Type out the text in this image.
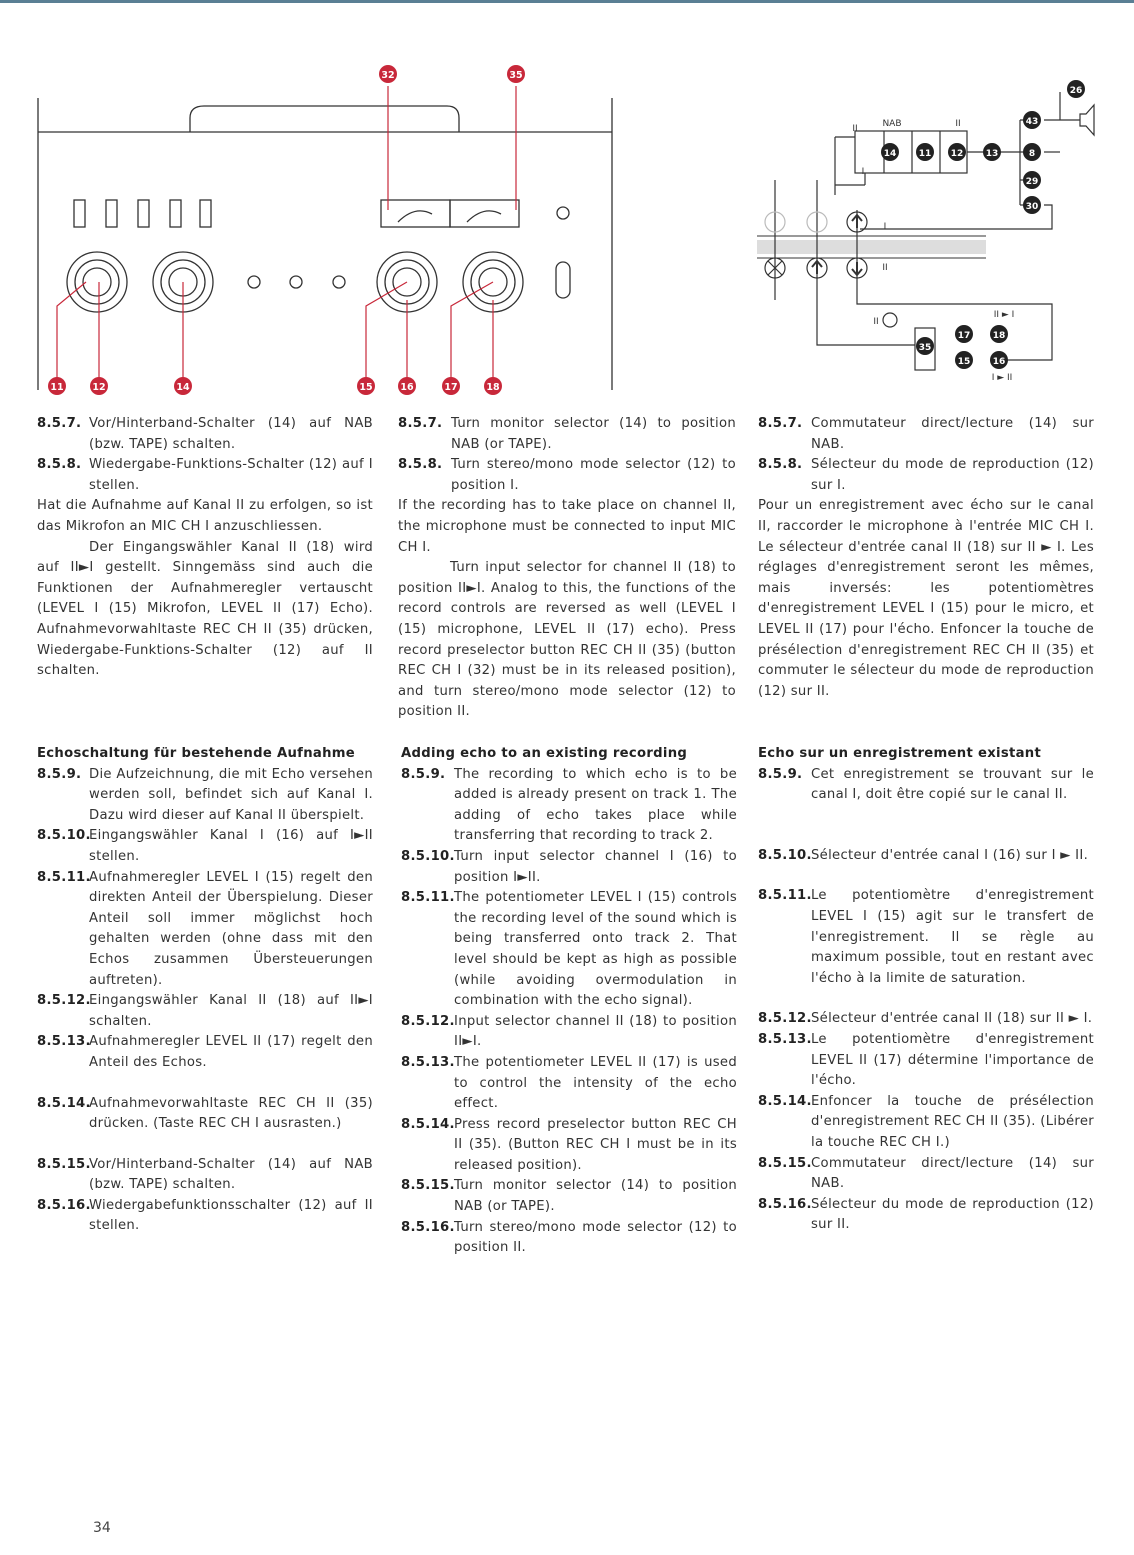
32	35
11	12	14	15	16	17	18
NAB
II	II
I
I
II
II
II ► I
I ► II
26
43
8
29
30
14 11 12 13
17 18
15 16
35
8.5.7. Vor/Hinterband-Schalter (14) auf NAB (bzw. TAPE) schalten.
8.5.8. Wiedergabe-Funktions-Schalter (12) auf I stellen.
Hat die Aufnahme auf Kanal II zu erfolgen, so ist das Mikrofon an MIC CH I anzuschliessen.
Der Eingangswähler Kanal II (18) wird auf II►I gestellt. Sinngemäss sind auch die Funktionen der Aufnahmeregler vertauscht (LEVEL I (15) Mikrofon, LEVEL II (17) Echo). Aufnahmevorwahltaste REC CH II (35) drücken, Wiedergabe-Funktions-Schalter (12) auf II schalten.
8.5.7. Turn monitor selector (14) to position NAB (or TAPE).
8.5.8. Turn stereo/mono mode selector (12) to position I.
If the recording has to take place on channel II, the microphone must be connected to input MIC CH I.
Turn input selector for channel II (18) to position II►I. Analog to this, the functions of the record controls are reversed as well (LEVEL I (15) microphone, LEVEL II (17) echo). Press record preselector button REC CH II (35) (button REC CH I (32) must be in its released position), and turn stereo/mono mode selector (12) to position II.
8.5.7. Commutateur direct/lecture (14) sur NAB.
8.5.8. Sélecteur du mode de reproduction (12) sur I.
Pour un enregistrement avec écho sur le canal II, raccorder le microphone à l'entrée MIC CH I. Le sélecteur d'entrée canal II (18) sur II ► I. Les réglages d'enregistrement seront les mêmes, mais inversés: les potentiomètres d'enregistrement LEVEL I (15) pour le micro, et LEVEL II (17) pour l'écho. Enfoncer la touche de présélection d'enregistrement REC CH II (35) et commuter le sélecteur du mode de reproduction (12) sur II.
Echoschaltung für bestehende Aufnahme
8.5.9. Die Aufzeichnung, die mit Echo versehen werden soll, befindet sich auf Kanal I. Dazu wird dieser auf Kanal II überspielt.
8.5.10.
Eingangswähler Kanal I (16) auf I►II stellen.
8.5.11.
Aufnahmeregler LEVEL I (15) regelt den direkten Anteil der Überspielung. Dieser Anteil soll immer möglichst hoch gehalten werden (ohne dass mit den Echos zusammen Übersteuerungen auftreten).
8.5.12.
Eingangswähler Kanal II (18) auf II►I schalten.
8.5.13.
Aufnahmeregler LEVEL II (17) regelt den Anteil des Echos.
8.5.14.
Aufnahmevorwahltaste REC CH II (35) drücken. (Taste REC CH I ausrasten.)
8.5.15.
Vor/Hinterband-Schalter (14) auf NAB (bzw. TAPE) schalten.
8.5.16.
Wiedergabefunktionsschalter (12) auf II stellen.
Adding echo to an existing recording
8.5.9. The recording to which echo is to be added is already present on track 1. The adding of echo takes place while transferring that recording to track 2.
8.5.10. Turn input selector channel I (16) to position I►II.
8.5.11. The potentiometer LEVEL I (15) controls the recording level of the sound which is being transferred onto track 2. That level should be kept as high as possible (while avoiding overmodulation in combination with the echo signal).
8.5.12. Input selector channel II (18) to position II►I.
8.5.13. The potentiometer LEVEL II (17) is used to control the intensity of the echo effect.
8.5.14. Press record preselector button REC CH II (35). (Button REC CH I must be in its released position).
8.5.15. Turn monitor selector (14) to position NAB (or TAPE).
8.5.16. Turn stereo/mono mode selector (12) to position II.
Echo sur un enregistrement existant
8.5.9. Cet enregistrement se trouvant sur le canal I, doit être copié sur le canal II.
8.5.10. Sélecteur d'entrée canal I (16) sur I ► II.
8.5.11. Le potentiomètre d'enregistrement LEVEL I (15) agit sur le transfert de l'enregistrement. Il se règle au maximum possible, tout en restant avec l'écho à la limite de saturation.
8.5.12. Sélecteur d'entrée canal II (18) sur II ► I.
8.5.13. Le potentiomètre d'enregistrement LEVEL II (17) détermine l'importance de l'écho.
8.5.14. Enfoncer la touche de présélection d'enregistrement REC CH II (35). (Libérer la touche REC CH I.)
8.5.15. Commutateur direct/lecture (14) sur NAB.
8.5.16. Sélecteur du mode de reproduction (12) sur II.
34
